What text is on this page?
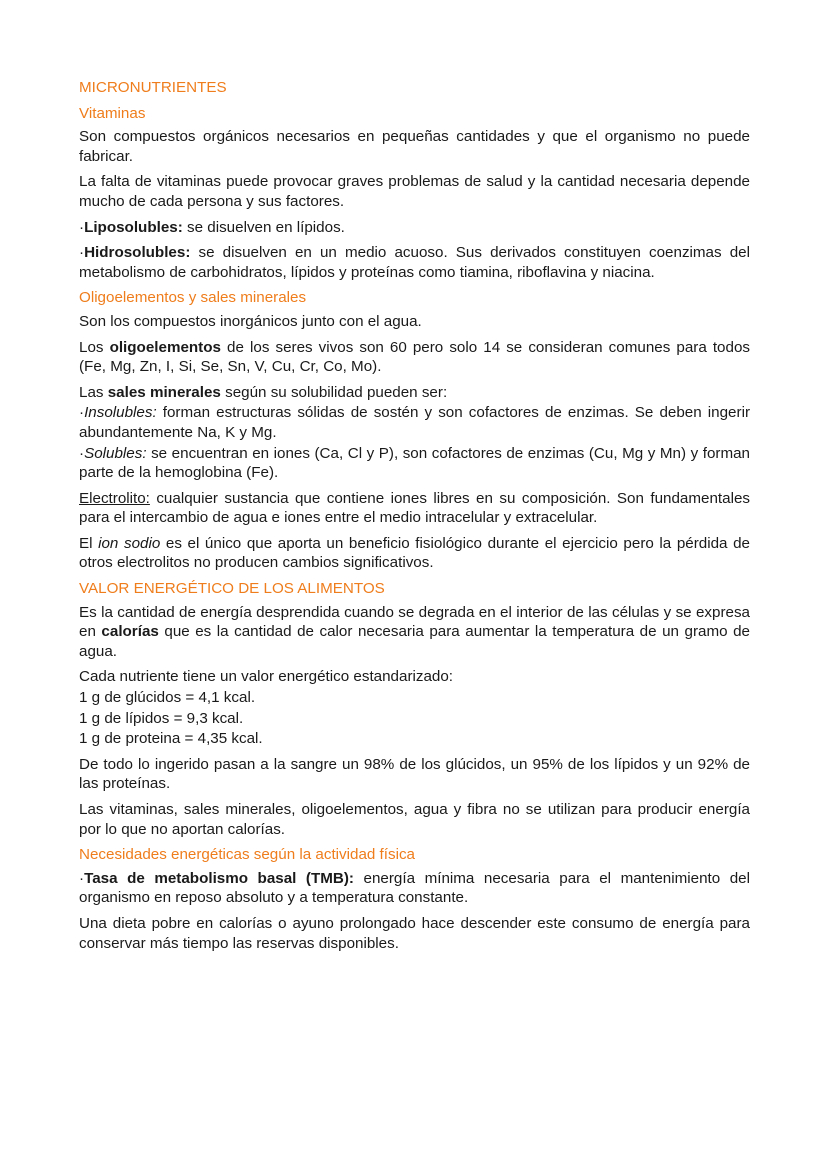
MICRONUTRIENTES
Vitaminas

Son compuestos orgánicos necesarios en pequeñas cantidades y que el organismo no puede fabricar.

La falta de vitaminas puede provocar graves problemas de salud y la cantidad necesaria depende mucho de cada persona y sus factores.

·Liposolubles: se disuelven en lípidos.

·Hidrosolubles: se disuelven en un medio acuoso. Sus derivados constituyen coenzimas del metabolismo de carbohidratos, lípidos y proteínas como tiamina, riboflavina y niacina.

Oligoelementos y sales minerales

Son los compuestos inorgánicos junto con el agua.

Los oligoelementos de los seres vivos son 60 pero solo 14 se consideran comunes para todos (Fe, Mg, Zn, I, Si, Se, Sn, V, Cu, Cr, Co, Mo).

Las sales minerales según su solubilidad pueden ser:

·Insolubles: forman estructuras sólidas de sostén y son cofactores de enzimas. Se deben ingerir abundantemente Na, K y Mg.

·Solubles: se encuentran en iones (Ca, Cl y P), son cofactores de enzimas (Cu, Mg y Mn) y forman parte de la hemoglobina (Fe).

Electrolito: cualquier sustancia que contiene iones libres en su composición. Son fundamentales para el intercambio de agua e iones entre el medio intracelular y extracelular.

El ion sodio es el único que aporta un beneficio fisiológico durante el ejercicio pero la pérdida de otros electrolitos no producen cambios significativos.

VALOR ENERGÉTICO DE LOS ALIMENTOS

Es la cantidad de energía desprendida cuando se degrada en el interior de las células y se expresa en calorías que es la cantidad de calor necesaria para aumentar la temperatura de un gramo de agua.

Cada nutriente tiene un valor energético estandarizado:

1 g de glúcidos = 4,1 kcal.

1 g de lípidos = 9,3 kcal.

1 g de proteina = 4,35 kcal.

De todo lo ingerido pasan a la sangre un 98% de los glúcidos, un 95% de los lípidos y un 92% de las proteínas.

Las vitaminas, sales minerales, oligoelementos, agua y fibra no se utilizan para producir energía por lo que no aportan calorías.

Necesidades energéticas según la actividad física

·Tasa de metabolismo basal (TMB): energía mínima necesaria para el mantenimiento del organismo en reposo absoluto y a temperatura constante.

Una dieta pobre en calorías o ayuno prolongado hace descender este consumo de energía para conservar más tiempo las reservas disponibles.
